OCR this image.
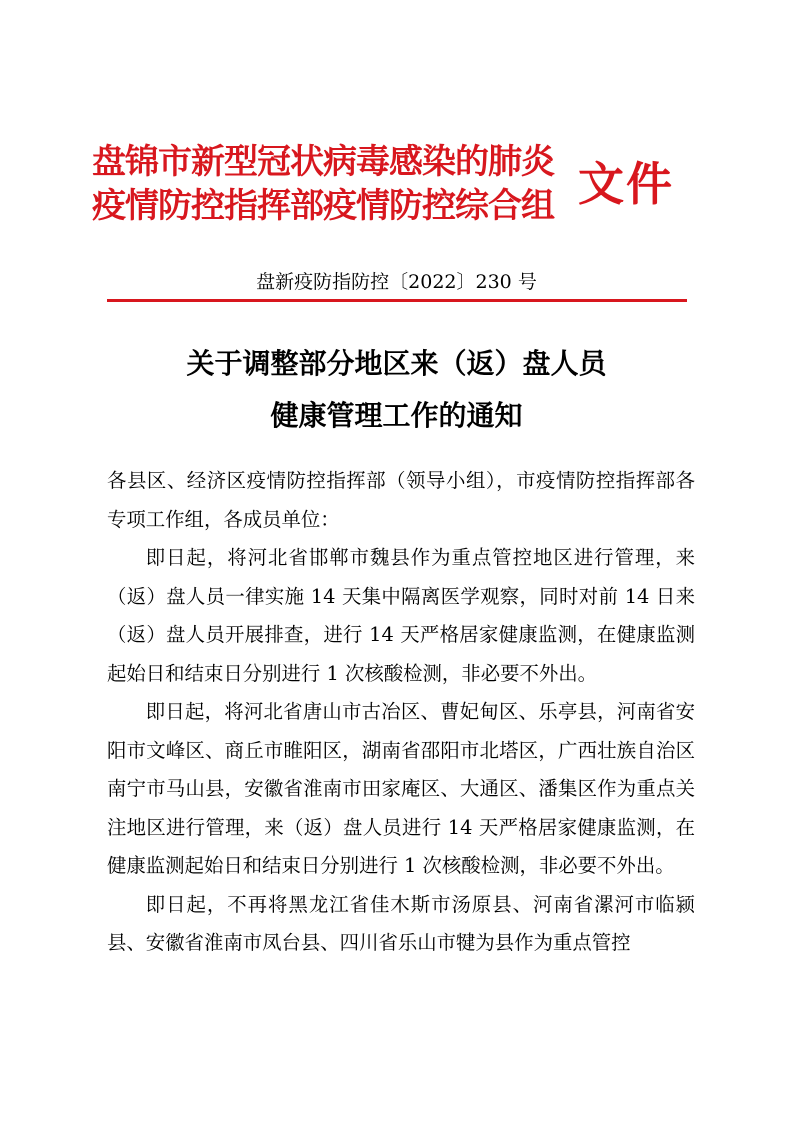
盘锦市新型冠状病毒感染的肺炎
疫情防控指挥部疫情防控综合组 文件
盘新疫防指防控〔2022〕230 号
关于调整部分地区来（返）盘人员
健康管理工作的通知

各县区、经济区疫情防控指挥部（领导小组），市疫情防控指挥部各专项工作组，各成员单位：

即日起，将河北省邯郸市魏县作为重点管控地区进行管理，来（返）盘人员一律实施 14 天集中隔离医学观察，同时对前 14 日来（返）盘人员开展排查，进行 14 天严格居家健康监测，在健康监测起始日和结束日分别进行 1 次核酸检测，非必要不外出。

即日起，将河北省唐山市古冶区、曹妃甸区、乐亭县，河南省安阳市文峰区、商丘市睢阳区，湖南省邵阳市北塔区，广西壮族自治区南宁市马山县，安徽省淮南市田家庵区、大通区、潘集区作为重点关注地区进行管理，来（返）盘人员进行 14 天严格居家健康监测，在健康监测起始日和结束日分别进行 1 次核酸检测，非必要不外出。

即日起，不再将黑龙江省佳木斯市汤原县、河南省漯河市临颍县、安徽省淮南市凤台县、四川省乐山市犍为县作为重点管控
